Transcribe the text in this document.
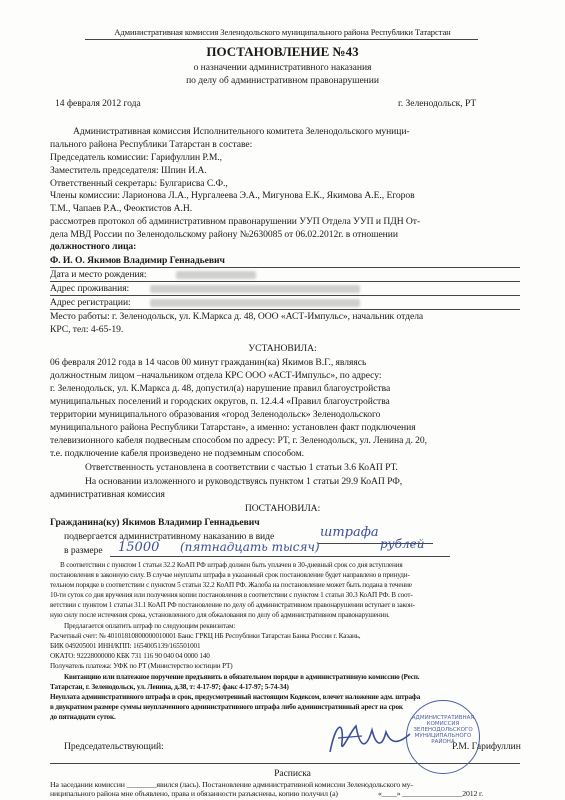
Административная комиссия Зеленодольского муниципального района Республики Татарстан
ПОСТАНОВЛЕНИЕ №43
о назначении административного наказания
по делу об административном правонарушении
14 февраля 2012 года	г. Зеленодольск, РТ
Административная комиссия Исполнительного комитета Зеленодольского муници-
пального района Республики Татарстан в составе:
Председатель комиссии: Гарифуллин Р.М.,
Заместитель председателя: Шпин И.А.
Ответственный секретарь: Булгарисва С.Ф.,
Члены комиссии: Ларионова Л.А., Нургалеева Э.А., Мигунова Е.К., Якимова А.Е., Егоров
Т.М., Чапаев Р.А., Феоктистов А.Н.
рассмотрев протокол об административном правонарушении УУП Отдела УУП и ПДН От-
дела МВД России по Зеленодольскому району №2630085 от 06.02.2012г. в отношении
должностного лица:
Ф. И. О. Якимов Владимир Геннадьевич
Дата и место рождения:
Адрес проживания:
Адрес регистрации:
Место работы: г. Зеленодольск, ул. К.Маркса д. 48, ООО «АСТ-Импульс», начальник отдела
КРС, тел: 4-65-19.
УСТАНОВИЛА:
06 февраля 2012 года в 14 часов 00 минут гражданин(ка) Якимов В.Г., являясь
должностным лицом –начальником отдела КРС ООО «АСТ-Импульс», по адресу:
г. Зеленодольск, ул. К.Маркса д. 48, допустил(а) нарушение правил благоустройства
муниципальных поселений и городских округов, п. 12.4.4 «Правил благоустройства
территории муниципального образования «город Зеленодольск» Зеленодольского
муниципального района Республики Татарстан», а именно: установлен факт подключения
телевизионного кабеля подвесным способом по адресу: РТ, г. Зеленодольск, ул. Ленина д. 20,
т.е. подключение кабеля произведено не подземным способом.
Ответственность установлена в соответствии с частью 1 статьи 3.6 КоАП РТ.
На основании изложенного и руководствуясь пунктом 1 статьи 29.9 КоАП РФ,
административная комиссия
ПОСТАНОВИЛА:
Гражданина(ку) Якимов Владимир Геннадьевич
подвергается административному наказанию в виде	штрафа
в размере 15000 (пятнадцать тысяч)	рублей
В соответствии с пунктом 1 статьи 32.2 КоАП РФ штраф должен быть уплачен в 30-дневный срок со дня вступления
постановления в законную силу. В случае неуплаты штрафа в указанный срок постановление будет направлено в принуди-
тельном порядке в соответствии с пунктом 5 статьи 32.2 КоАП РФ. Жалоба на постановление может быть подана в течение
10-ти суток со дня вручения или получения копии постановления в соответствии с пунктом 1 статьи 30.3 КоАП РФ. В соот-
ветствии с пунктом 1 статьи 31.1 КоАП РФ постановление по делу об административном правонарушении вступает в закон-
ную силу после истечения срока, установленного для обжалования по делу об административном правонарушении.
Предлагается оплатить штраф по следующим реквизитам:
Расчетный счет: № 40101810800000010001 Банк: ГРКЦ НБ Республики Татарстан Банка России г. Казань,
БИК 049205001 ИНН/КПП: 1654005139/165501001
ОКАТО: 92228000000 КБК 731 116 90 040 04 0000 140
Получатель платежа: УФК по РТ (Министерство юстиции РТ)
Квитанцию или платежное поручение предъявить в обязательном порядке в административную комиссию (Респ.
Татарстан, г. Зеленодольск, ул. Ленина, д.38, т: 4-17-97; факс 4-17-97; 5-74-34)
Неуплата административного штрафа в срок, предусмотренный настоящим Кодексом, влечет наложение адм. штрафа
в двукратном размере суммы неуплаченного административного штрафа либо административный арест на срок
до пятнадцати суток.
Председательствующий:
АДМИНИСТРАТИВНАЯ
КОМИССИЯ
ЗЕЛЕНОДОЛЬСКОГО
МУНИЦИПАЛЬНОГО
РАЙОНА
Р.М. Гарифуллин
Расписка
На заседании комиссии ________явился (лась). Постановление административной комиссии Зеленодольского му-
ниципального района мне объявлено, права и обязанности разъяснены, копию получил (а)	«____» ________________2012 г.
